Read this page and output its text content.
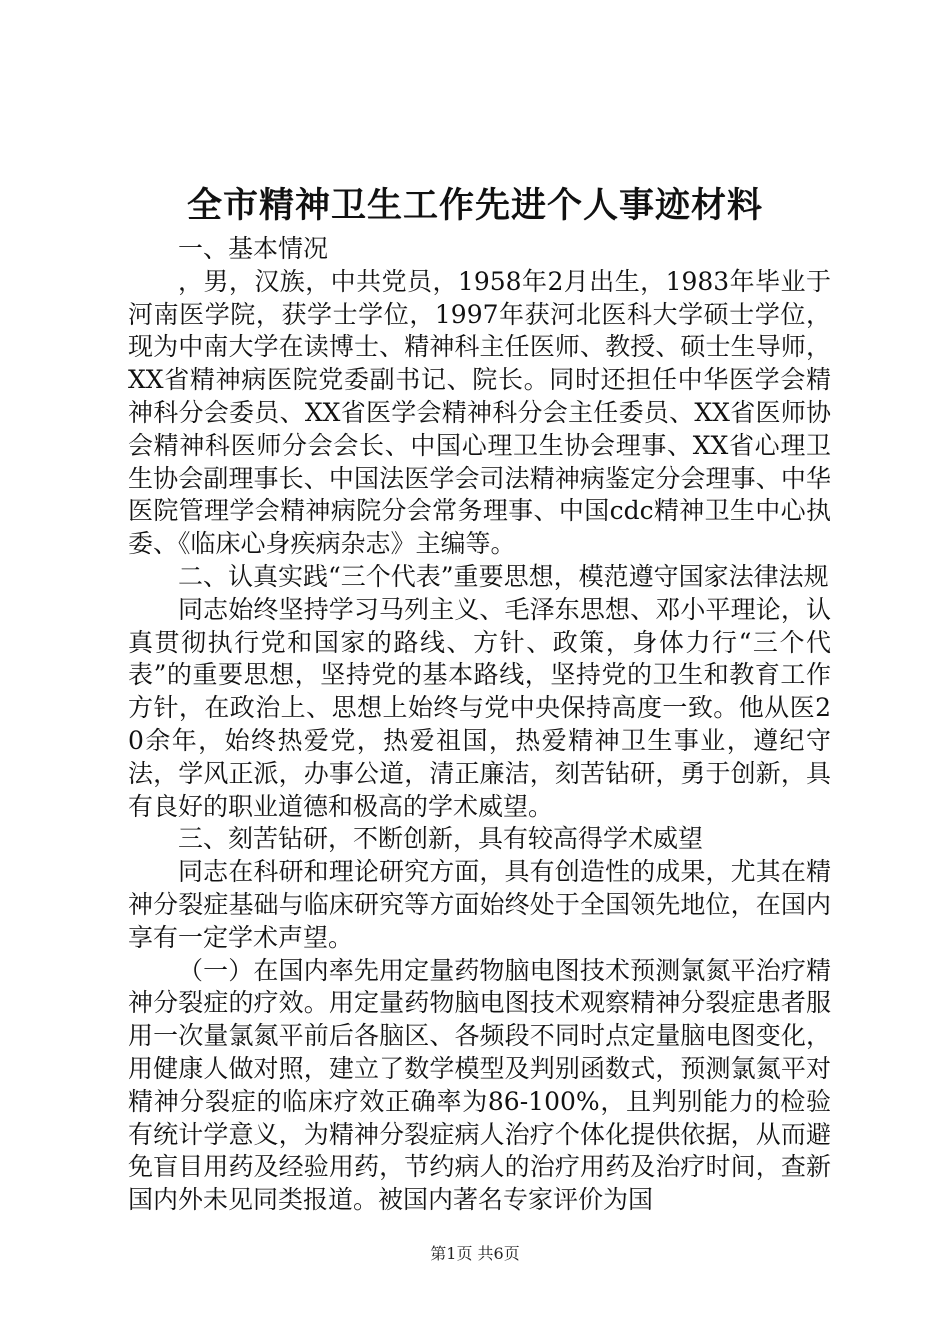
全市精神卫生工作先进个人事迹材料

一、基本情况

，男，汉族，中共党员，1958年2月出生，1983年毕业于河南医学院，获学士学位，1997年获河北医科大学硕士学位，现为中南大学在读博士、精神科主任医师、教授、硕士生导师，XX省精神病医院党委副书记、院长。同时还担任中华医学会精神科分会委员、XX省医学会精神科分会主任委员、XX省医师协会精神科医师分会会长、中国心理卫生协会理事、XX省心理卫生协会副理事长、中国法医学会司法精神病鉴定分会理事、中华医院管理学会精神病院分会常务理事、中国cdc精神卫生中心执委、《临床心身疾病杂志》主编等。

二、认真实践“三个代表”重要思想，模范遵守国家法律法规

同志始终坚持学习马列主义、毛泽东思想、邓小平理论，认真贯彻执行党和国家的路线、方针、政策，身体力行“三个代表”的重要思想，坚持党的基本路线，坚持党的卫生和教育工作方针，在政治上、思想上始终与党中央保持高度一致。他从医20余年，始终热爱党，热爱祖国，热爱精神卫生事业，遵纪守法，学风正派，办事公道，清正廉洁，刻苦钻研，勇于创新，具有良好的职业道德和极高的学术威望。

三、刻苦钻研，不断创新，具有较高得学术威望

同志在科研和理论研究方面，具有创造性的成果，尤其在精神分裂症基础与临床研究等方面始终处于全国领先地位，在国内享有一定学术声望。

（一）在国内率先用定量药物脑电图技术预测氯氮平治疗精神分裂症的疗效。用定量药物脑电图技术观察精神分裂症患者服用一次量氯氮平前后各脑区、各频段不同时点定量脑电图变化，用健康人做对照，建立了数学模型及判别函数式，预测氯氮平对精神分裂症的临床疗效正确率为86-100%，且判别能力的检验有统计学意义，为精神分裂症病人治疗个体化提供依据，从而避免盲目用药及经验用药，节约病人的治疗用药及治疗时间，查新国内外未见同类报道。被国内著名专家评价为国

第1页 共6页
